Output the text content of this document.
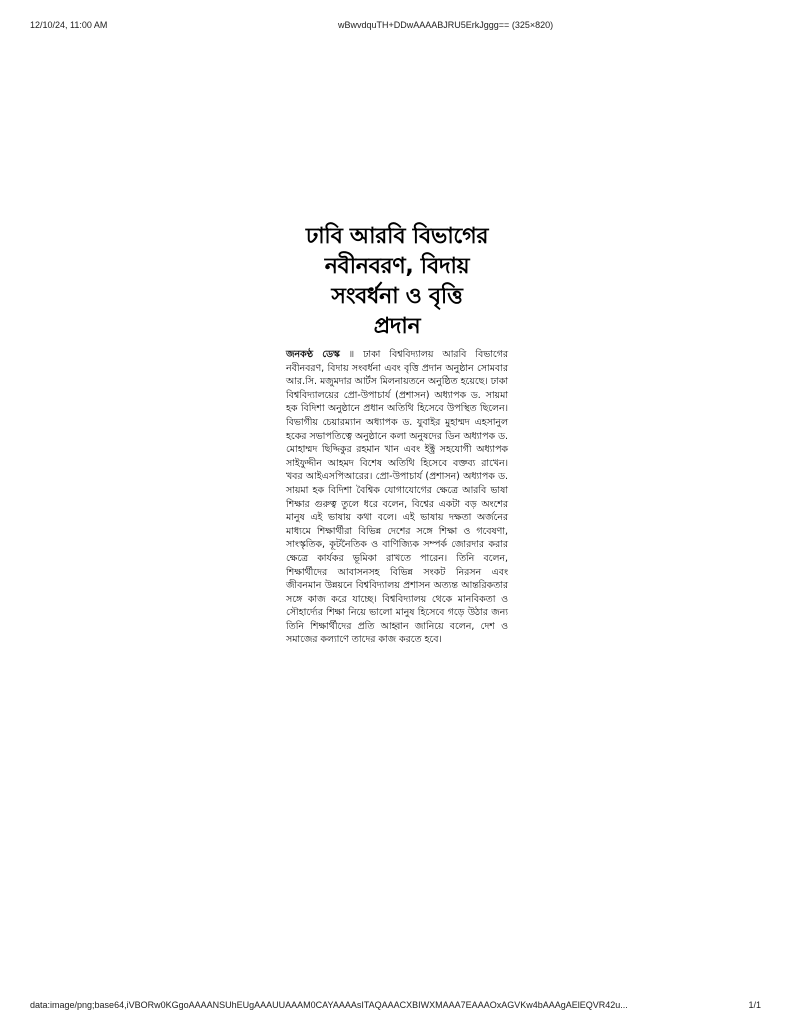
12/10/24, 11:00 AM	wBwvdquTH+DDwAAAABJRU5ErkJggg== (325×820)
ঢাবি আরবি বিভাগের
নবীনবরণ, বিদায়
সংবর্ধনা ও বৃত্তি
প্রদান

জনকণ্ঠ ডেস্ক ॥ ঢাকা বিশ্ববিদ্যালয় আরবি বিভাগের নবীনবরণ, বিদায় সংবর্ধনা এবং বৃত্তি প্রদান অনুষ্ঠান সোমবার আর.সি. মজুমদার আর্টস মিলনায়তনে অনুষ্ঠিত হয়েছে। ঢাকা বিশ্ববিদ্যালয়ের প্রো-উপাচার্য (প্রশাসন) অধ্যাপক ড. সায়মা হক বিদিশা অনুষ্ঠানে প্রধান অতিথি হিসেবে উপস্থিত ছিলেন। বিভাগীয় চেয়ারম্যান অধ্যাপক ড. যুবাইর মুহাম্মদ এহসানুল হকের সভাপতিত্বে অনুষ্ঠানে কলা অনুষদের ডিন অধ্যাপক ড. মোহাম্মদ ছিদ্দিকুর রহমান খান এবং ইক্ট্র সহযোগী অধ্যাপক সাইফুদ্দীন আহমদ বিশেষ অতিথি হিসেবে বক্তব্য রাখেন। খবর আইএসপিআরের। প্রো-উপাচার্য (প্রশাসন) অধ্যাপক ড. সায়মা হক বিদিশা বৈশ্বিক যোগাযোগের ক্ষেত্রে আরবি ভাষা শিক্ষার গুরুত্ব তুলে ধরে বলেন, বিশ্বের একটা বড় অংশের মানুষ এই ভাষায় কথা বলে। এই ভাষায় দক্ষতা অর্জনের মাধ্যমে শিক্ষার্থীরা বিভিন্ন দেশের সঙ্গে শিক্ষা ও গবেষণা, সাংস্কৃতিক, কূটনৈতিক ও বাণিজ্যিক সম্পর্ক জোরদার করার ক্ষেত্রে কার্যকর ভূমিকা রাখতে পারেন। তিনি বলেন, শিক্ষার্থীদের আবাসনসহ বিভিন্ন সংকট নিরসন এবং জীবনমান উন্নয়নে বিশ্ববিদ্যালয় প্রশাসন অত্যন্ত আন্তরিকতার সঙ্গে কাজ করে যাচ্ছে। বিশ্ববিদ্যালয় থেকে মানবিকতা ও সৌহার্দ্যের শিক্ষা নিয়ে ভালো মানুষ হিসেবে গড়ে উঠার জন্য তিনি শিক্ষার্থীদের প্রতি আহ্বান জানিয়ে বলেন, দেশ ও সমাজের কল্যাণে তাদের কাজ করতে হবে।

data:image/png;base64,iVBORw0KGgoAAAANSUhEUgAAAUUAAAM0CAYAAAAsITAQAAACXBIWXMAAA7EAAAOxAGVKw4bAAAgAElEQVR42u...	1/1
